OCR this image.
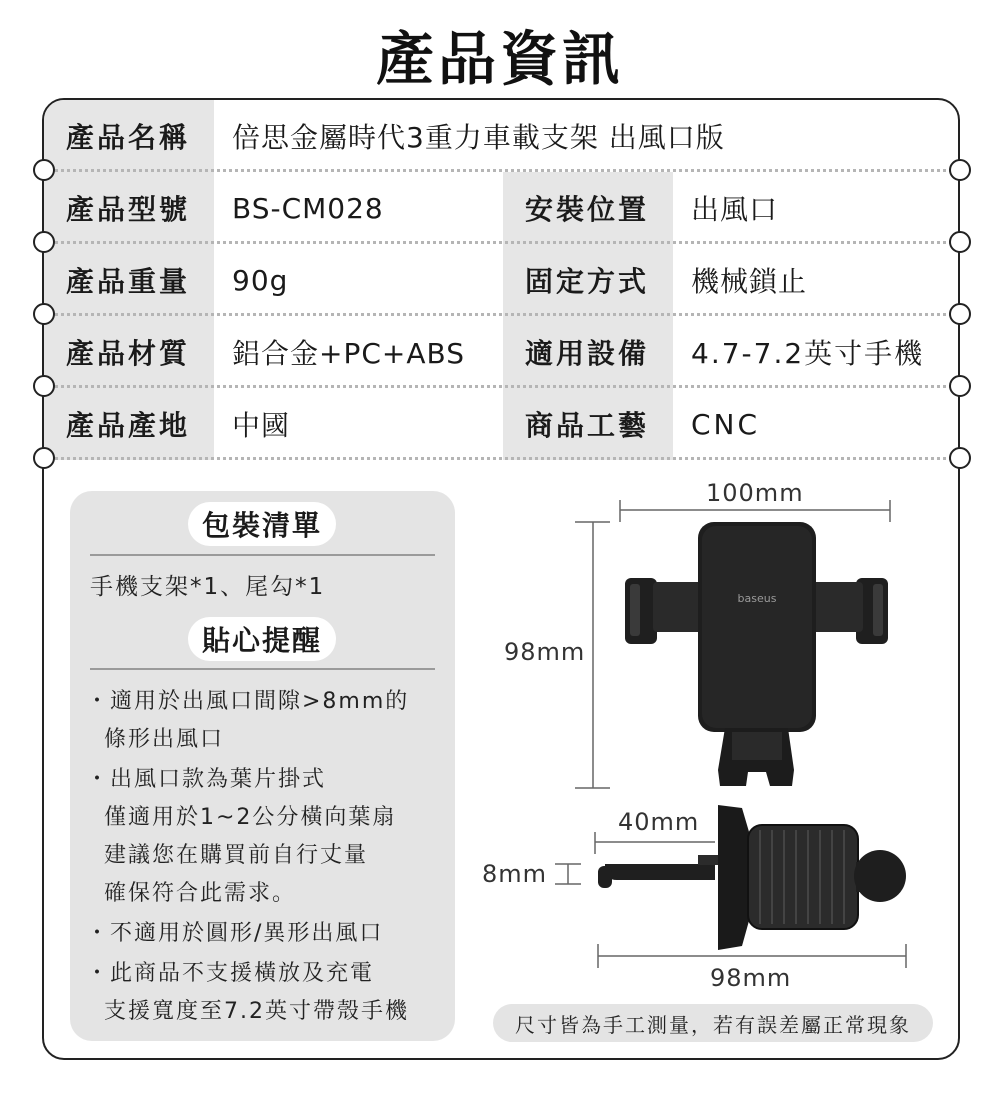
產品資訊
產品名稱	倍思金屬時代3重力車載支架 出風口版
產品型號	BS-CM028	安裝位置	出風口
產品重量	90g	固定方式	機械鎖止
產品材質	鋁合金+PC+ABS	適用設備	4.7-7.2英寸手機
產品產地	中國	商品工藝	CNC
包裝清單
手機支架*1、尾勾*1
貼心提醒
・適用於出風口間隙>8mm的
條形出風口
・出風口款為葉片掛式
僅適用於1~2公分橫向葉扇
建議您在購買前自行丈量
確保符合此需求。
・不適用於圓形/異形出風口
・此商品不支援橫放及充電
支援寬度至7.2英寸帶殼手機
baseus
100mm
98mm
40mm
8mm
98mm
尺寸皆為手工測量，若有誤差屬正常現象
